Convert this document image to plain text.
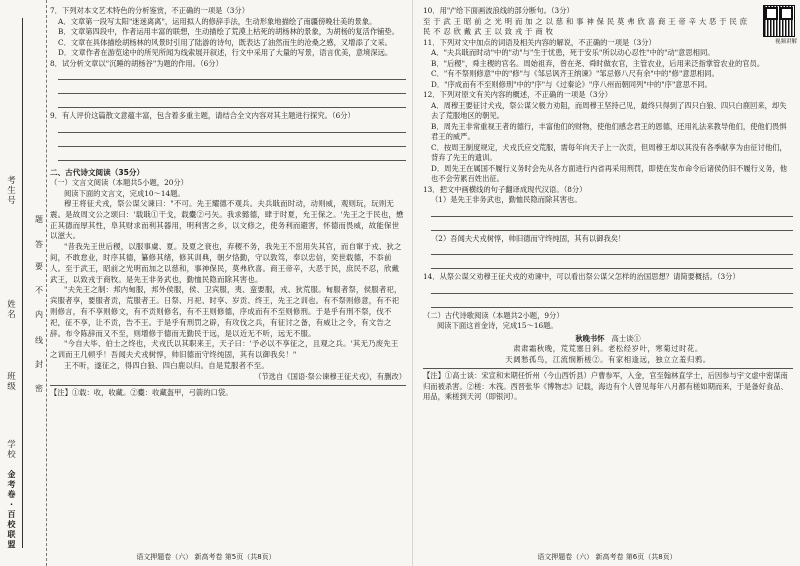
题
答
要
不
内
线
封
密
考生号
姓名
班级
学校
金考卷·百校联盟

7．下列对本文艺术特色的分析鉴赏，不正确的一项是（3分）

A．文章第一段写太阳"迷迷离离"，运用拟人的修辞手法，生动形象地描绘了南疆傍晚壮美的景象。

B．文章第四段中，作者运用丰富的联想，生动描绘了荒漠上枯死的胡杨林的景象，为胡杨的复活作铺垫。

C．文章在具体描绘胡杨林的风景时引用了陆游的诗句，既表达了油然而生的沧桑之感，又增添了文采。

D．文章作者在游览途中的所见所闻为线索展开叙述，行文中采用了大量的写景，语言优美，意境深远。

8．试分析文章以"沉睡的胡杨谷"为题的作用。（6分）

9．有人评价这篇散文意蕴丰富，包含着多重主题，请结合全文内容对其主题进行探究。（6分）

二、古代诗文阅读（35分）

（一）文言文阅读（本题共5小题，20分）

阅读下面的文言文，完成10～14题。

穆王将征犬戎，祭公谋父谏曰："不可。先王耀德不观兵。夫兵戢而时动，动则威，观则玩，玩则无震。是故周文公之颂曰：'载戢①干戈，载櫜②弓矢。我求懿德，肆于时夏，允王保之。'先王之于民也，懋正其德而厚其性，阜其财求而利其器用，明利害之乡，以文修之，使务利而避害，怀德而畏威，故能保世以滋大。

"昔我先王世后稷，以服事虞、夏。及夏之衰也，弃稷不务，我先王不窋用失其官，而自窜于戎、狄之间，不敢怠业，时序其德，纂修其绪，修其训典，朝夕恪勤，守以敦笃，奉以忠信，奕世载德，不忝前人。至于武王，昭前之光明而加之以慈和，事神保民，莫弗欣喜。商王帝辛，大恶于民，庶民不忍，欣戴武王，以致戎于商牧。是先王非务武也，勤恤民隐而除其害也。

"夫先王之制：邦内甸服，邦外侯服，侯、卫宾服，夷、蛮要服，戎、狄荒服。甸服者祭，侯服者祀，宾服者享，要服者贡，荒服者王。日祭、月祀、时享、岁贡、终王，先王之训也。有不祭则修意，有不祀则修言，有不享则修文，有不贡则修名，有不王则修德，序成而有不至则修刑。于是乎有刑不祭，伐不祀，征不享，让不贡，告不王。于是乎有刑罚之辟，有攻伐之兵，有征讨之备，有威让之令，有文告之辞。布令陈辞而又不至，则增修于德而无勤民于远，是以近无不听，远无不服。

"今自大毕、伯士之终也，犬戎氏以其职来王，天子曰：'予必以不享征之，且观之兵。'其无乃废先王之训而王几顿乎！吾闻夫犬戎树惇，帅旧德而守终纯固，其有以御我矣！"

王不听，遂征之，得四白狼、四白鹿以归。自是荒服者不至。

（节选自《国语·祭公谏穆王征犬戎》，有删改）

【注】①载：收，收藏。②櫜：收藏盔甲，弓箭的口袋。

语文押题卷（六） 新高考卷 第5页（共8页）
视频讲解

10．用"/"给下面画波浪线的部分断句。（3分）

至 于 武 王 昭 前 之 光 明 而 加 之 以 慈 和 事 神 保 民 莫 弗 欣 喜 商 王 帝 辛 大 恶 于 民 庶 民 不 忍 欣 戴 武 王 以 致 戎 于 商 牧

11．下列对文中加点的词语及相关内容的解说，不正确的一项是（3分）

A．"夫兵戢而时动"中的"动"与"生于忧患，死于安乐"所以动心忍性"中的"动"意思相同。

B．"后稷"，舜主稷的官名。周始祖弃，曾在尧、舜时做农官，主管农业，后用来泛指掌管农业的官员。

C．"有不祭则修意"中的"修"与《邹忌讽齐王纳谏》"邹忌修八尺有余"中的"修"意思相同。

D．"序成而有不至则修刑"中的"序"与《过秦论》"序八州而朝同列"中的"序"意思不同。

12．下列对原文有关内容的概述，不正确的一项是（3分）

A．周穆王要征讨犬戎，祭公谋父极力劝阻，而周穆王坚持己见，最终只得到了四只白狼、四只白鹿回来，却失去了荒服地区的朝见。

B．周先王非常重视王者的德行，丰富他们的财物，使他们感念君王的恩德，还用礼法来教导他们，使他们畏惧君王的威严。

C．按周王制度规定，犬戎氏应交荒服，需每年向天子上一次贡，但周穆王却以其没有各季献享为由征讨他们，背弃了先王的遗训。

D．周先王在属国不履行义务时会先从各方面进行内省再采用刑罚，即使在发布命令后诸侯仍旧不履行义务，他也不会劳累百姓出征。

13．把文中画横线的句子翻译成现代汉语。（8分）

（1）是先王非务武也，勤恤民隐而除其害也。

（2）吾闻夫犬戎树惇，帅旧德而守终纯固，其有以御我矣！

14．从祭公谋父劝穆王征犬戎的劝谏中，可以看出祭公谋父怎样的治国思想？请简要概括。（3分）

（二）古代诗歌阅读（本题共2小题，9分）

阅读下面这首金诗，完成15～16题。

秋晚书怀 高士谈①

肃肃霜秋晚，荒荒塞日斜。老松经岁叶，寒菊过时花。

天阔愁孤鸟，江流悯断槎②。有家相逢远，独立立羞归鸦。

【注】①高士谈：宋宣和末期任忻州（今山西忻县）户曹参军，入金，官至翰林直学士，后因参与宇文虚中密谋南归而被杀害。②槎：木筏。西晋张华《博物志》记载，海边有个人曾见每年八月都有槎如期而来，于是备好食品、用品，乘槎到天河（即银河）。

语文押题卷（六） 新高考卷 第6页（共8页）
